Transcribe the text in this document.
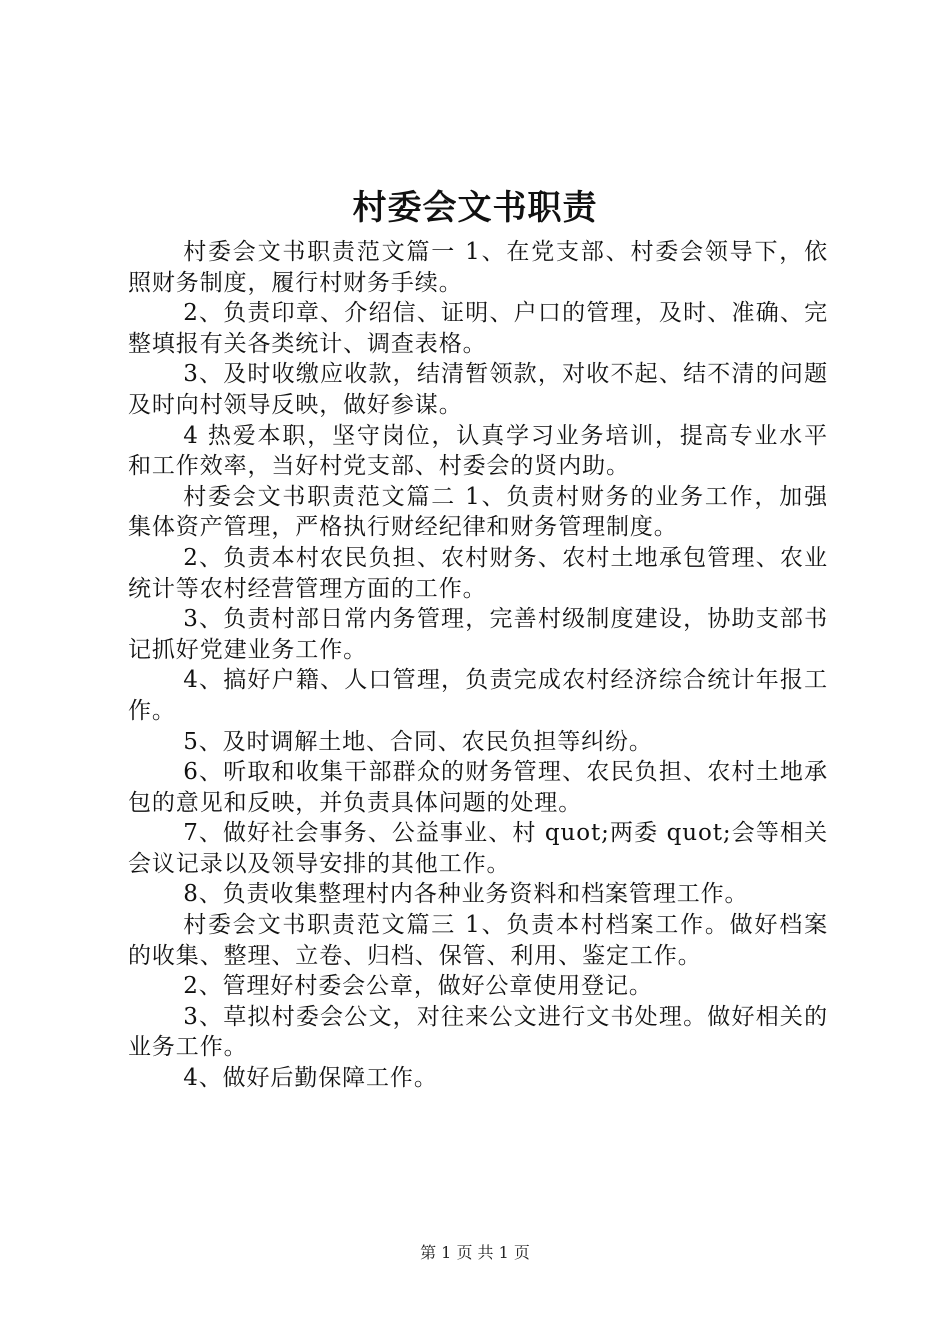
村委会文书职责

村委会文书职责范文篇一 1、在党支部、村委会领导下，依照财务制度，履行村财务手续。

2、负责印章、介绍信、证明、户口的管理，及时、准确、完整填报有关各类统计、调查表格。

3、及时收缴应收款，结清暂领款，对收不起、结不清的问题及时向村领导反映，做好参谋。

4 热爱本职，坚守岗位，认真学习业务培训，提高专业水平和工作效率，当好村党支部、村委会的贤内助。

村委会文书职责范文篇二 1、负责村财务的业务工作，加强集体资产管理，严格执行财经纪律和财务管理制度。

2、负责本村农民负担、农村财务、农村土地承包管理、农业统计等农村经营管理方面的工作。

3、负责村部日常内务管理，完善村级制度建设，协助支部书记抓好党建业务工作。

4、搞好户籍、人口管理，负责完成农村经济综合统计年报工作。

5、及时调解土地、合同、农民负担等纠纷。

6、听取和收集干部群众的财务管理、农民负担、农村土地承包的意见和反映，并负责具体问题的处理。

7、做好社会事务、公益事业、村 quot;两委 quot;会等相关会议记录以及领导安排的其他工作。

8、负责收集整理村内各种业务资料和档案管理工作。

村委会文书职责范文篇三 1、负责本村档案工作。做好档案的收集、整理、立卷、归档、保管、利用、鉴定工作。

2、管理好村委会公章，做好公章使用登记。

3、草拟村委会公文，对往来公文进行文书处理。做好相关的业务工作。

4、做好后勤保障工作。

第 1 页 共 1 页
